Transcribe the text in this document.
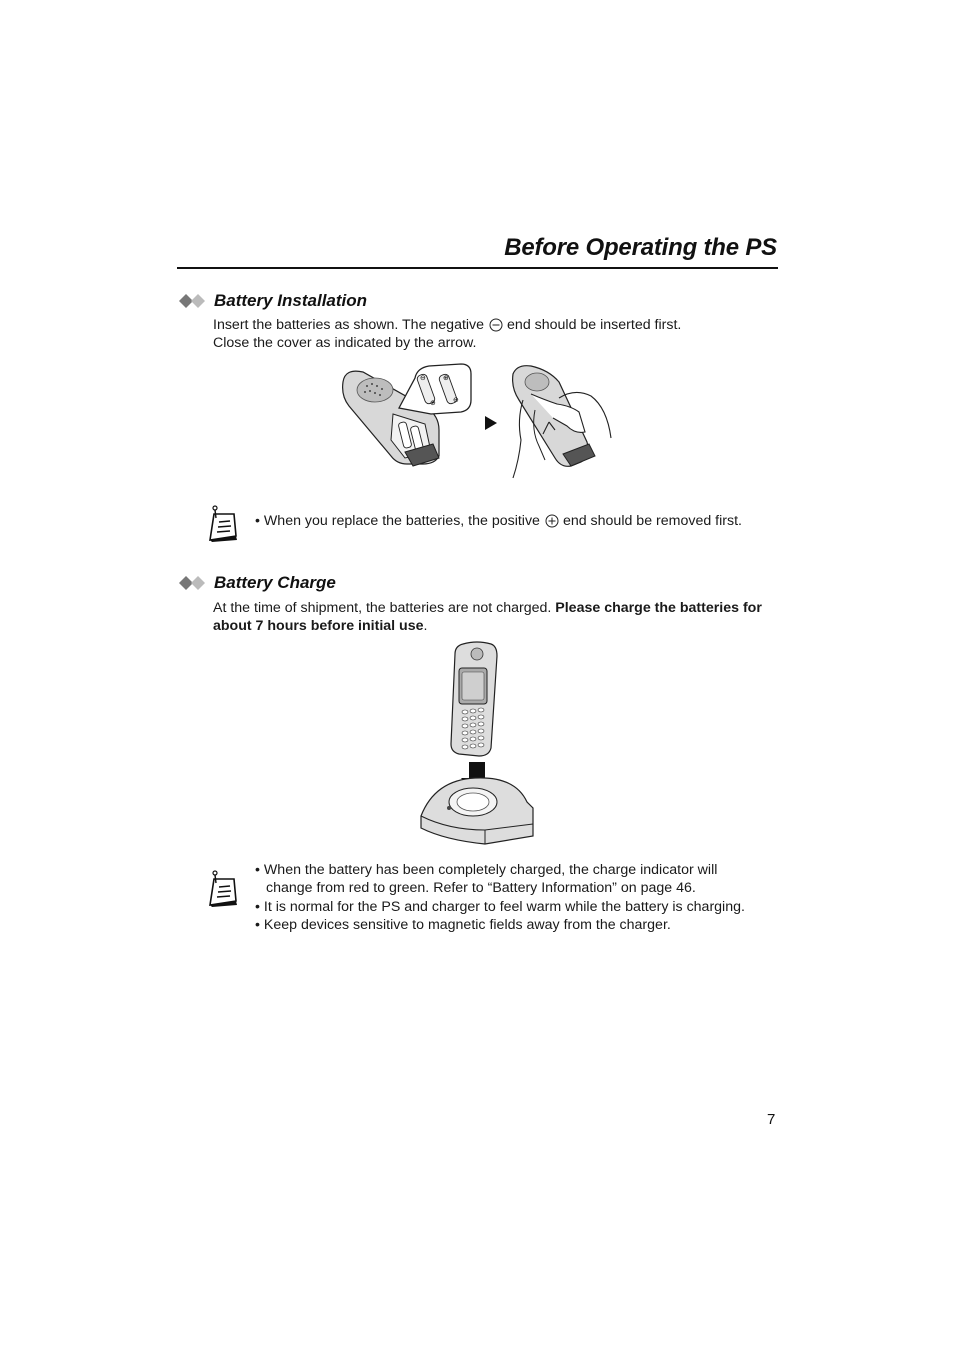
Before Operating the PS
Battery Installation
Insert the batteries as shown. The negative end should be inserted first.
Close the cover as indicated by the arrow.
⊖ ⊕
⊕ ⊖
• When you replace the batteries, the positive end should be removed first.
Battery Charge
At the time of shipment, the batteries are not charged. Please charge the batteries for about 7 hours before initial use.
• When the battery has been completely charged, the charge indicator will change from red to green. Refer to “Battery Information” on page 46.
• It is normal for the PS and charger to feel warm while the battery is charging.
• Keep devices sensitive to magnetic fields away from the charger.
7
